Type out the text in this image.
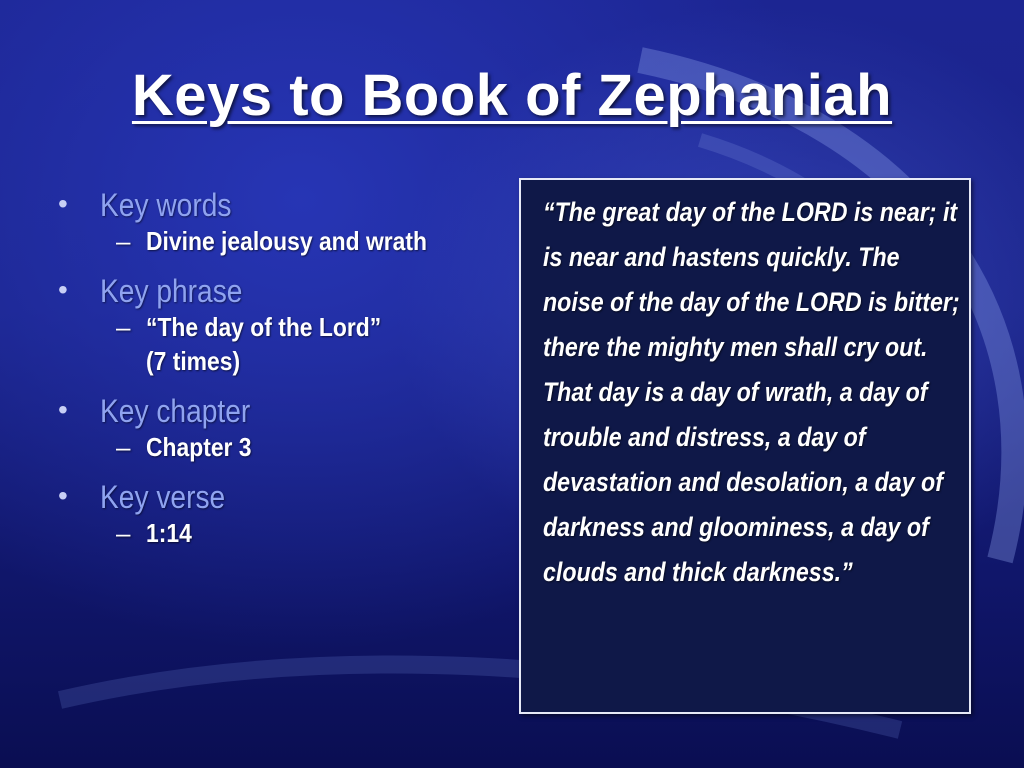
Keys to Book of Zephaniah
• Key words
– Divine jealousy and wrath
• Key phrase
– “The day of the Lord”
(7 times)
• Key chapter
– Chapter 3
• Key verse
– 1:14
“The great day of the LORD is near; it is near and hastens quickly. The noise of the day of the LORD is bitter; there the mighty men shall cry out. That day is a day of wrath, a day of trouble and distress, a day of devastation and desolation, a day of darkness and gloominess, a day of clouds and thick darkness.”
